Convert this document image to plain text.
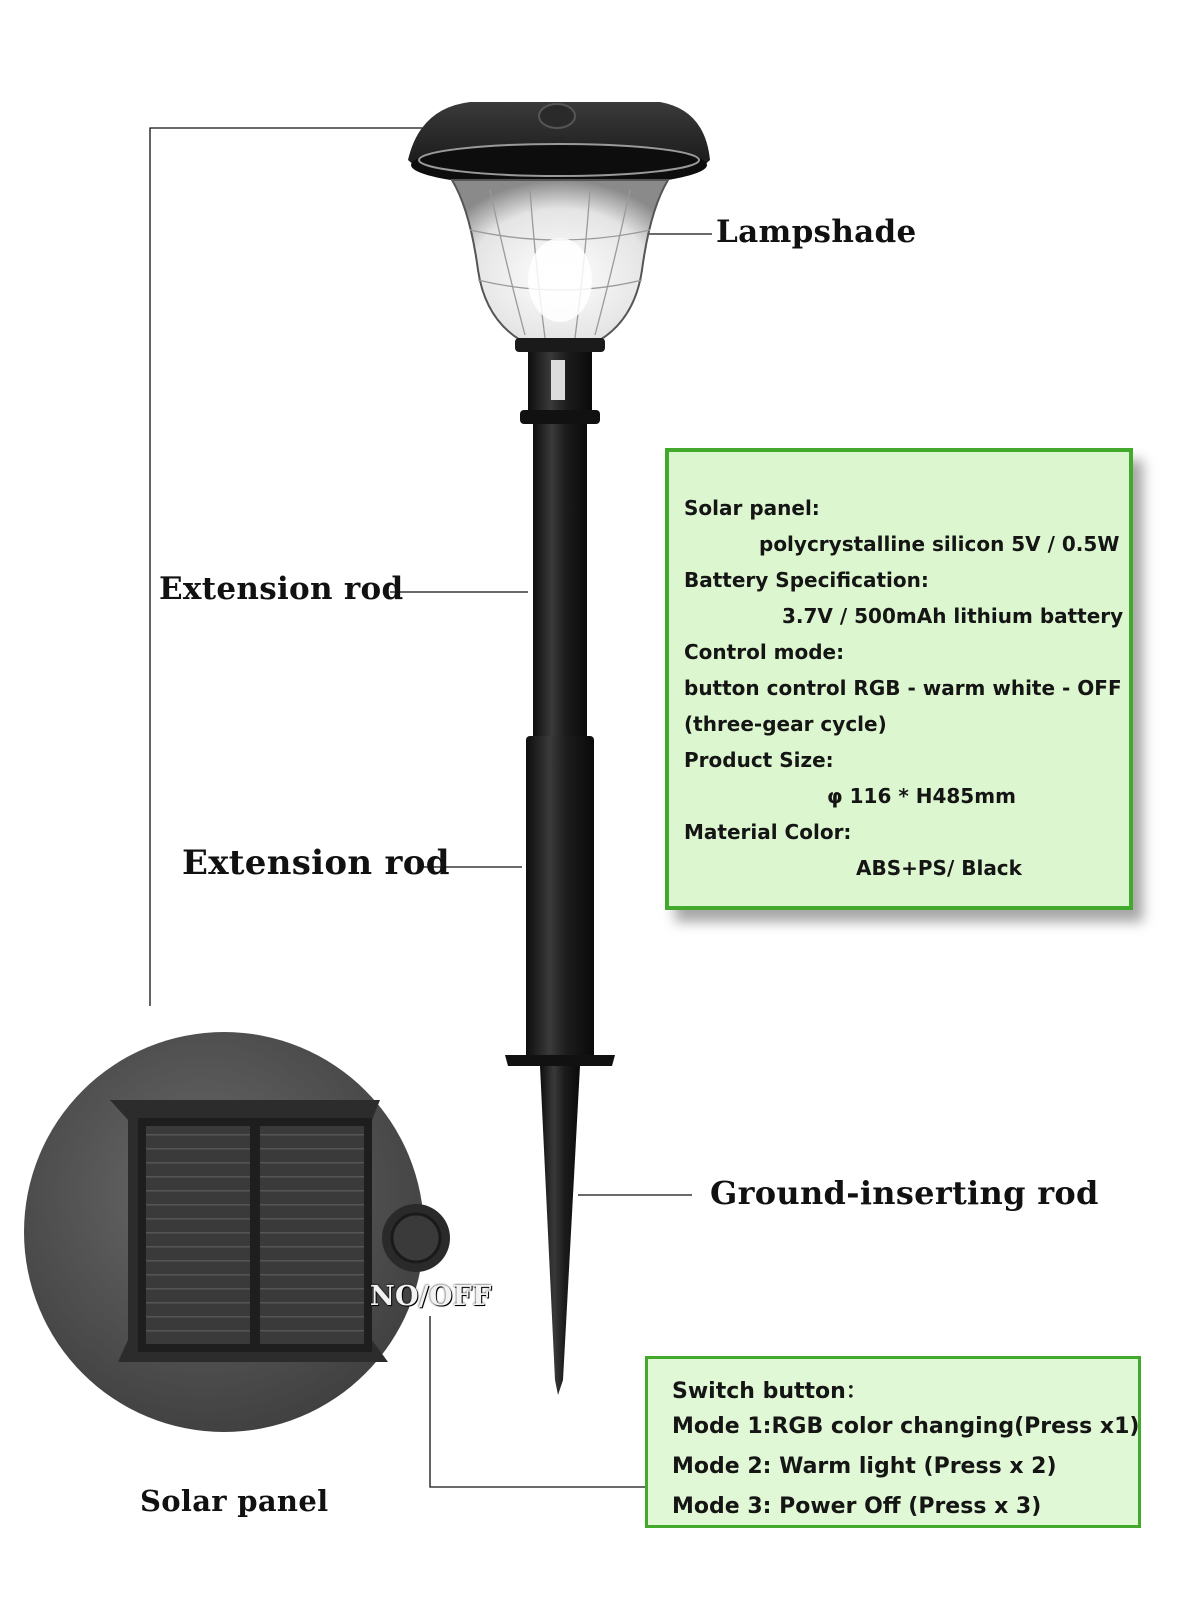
Lampshade
Extension rod
Extension rod
Ground-inserting rod
Solar panel
NO/OFF
Solar panel:
polycrystalline silicon 5V / 0.5W
Battery Specification:
3.7V / 500mAh lithium battery
Control mode:
button control RGB - warm white - OFF
(three-gear cycle)
Product Size:
φ 116 * H485mm
Material Color:
ABS+PS/ Black
Switch button：
Mode 1:RGB color changing(Press x1)
Mode 2: Warm light (Press x 2)
Mode 3: Power Off (Press x 3)
